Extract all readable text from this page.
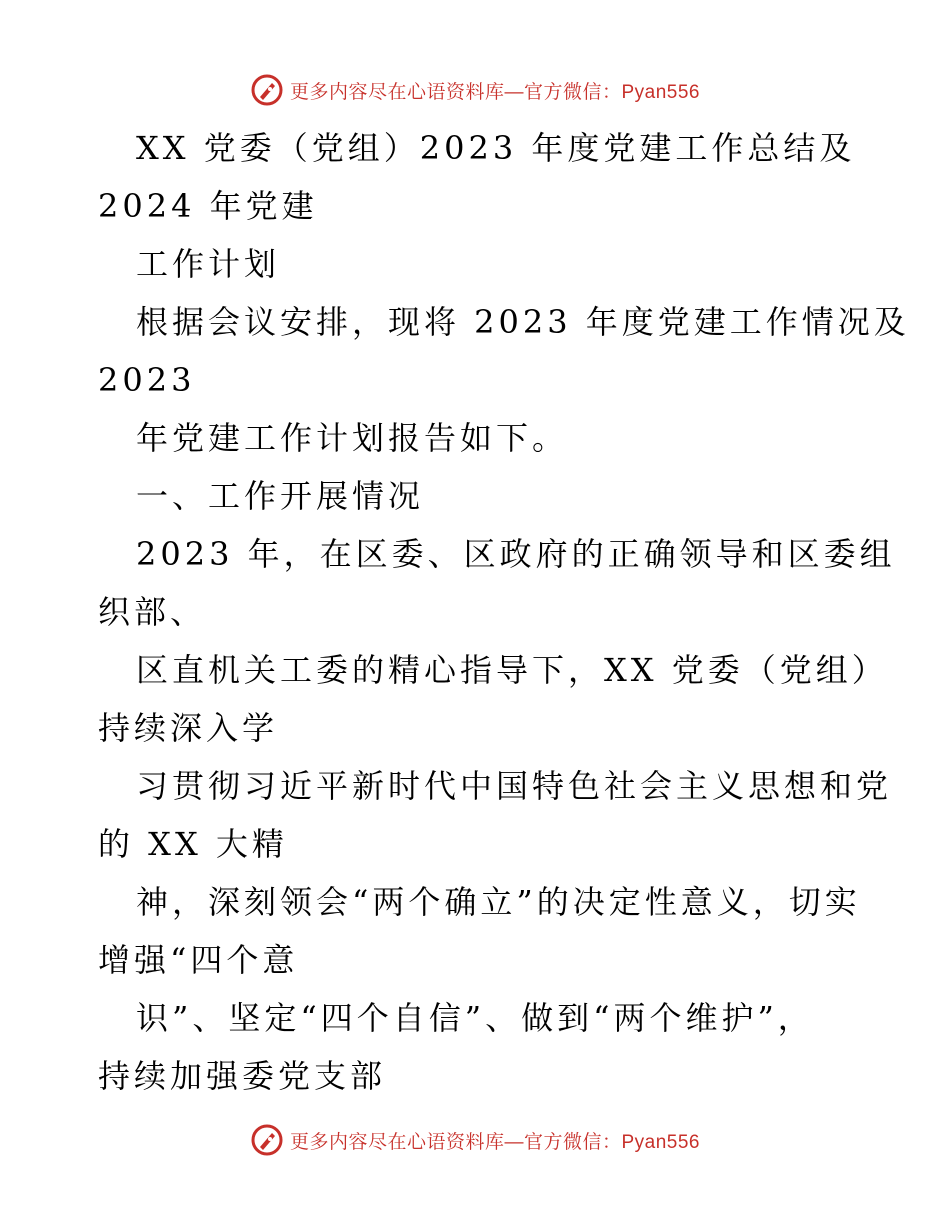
更多内容尽在心语资料库—官方微信：Pyan556
XX 党委（党组）2023 年度党建工作总结及
2024 年党建
工作计划
根据会议安排，现将 2023 年度党建工作情况及
2023
年党建工作计划报告如下。
一、工作开展情况
2023 年，在区委、区政府的正确领导和区委组
织部、
区直机关工委的精心指导下，XX 党委（党组）
持续深入学
习贯彻习近平新时代中国特色社会主义思想和党
的 XX 大精
神，深刻领会“两个确立”的决定性意义，切实
增强“四个意
识”、坚定“四个自信”、做到“两个维护”，
持续加强委党支部
更多内容尽在心语资料库—官方微信：Pyan556
